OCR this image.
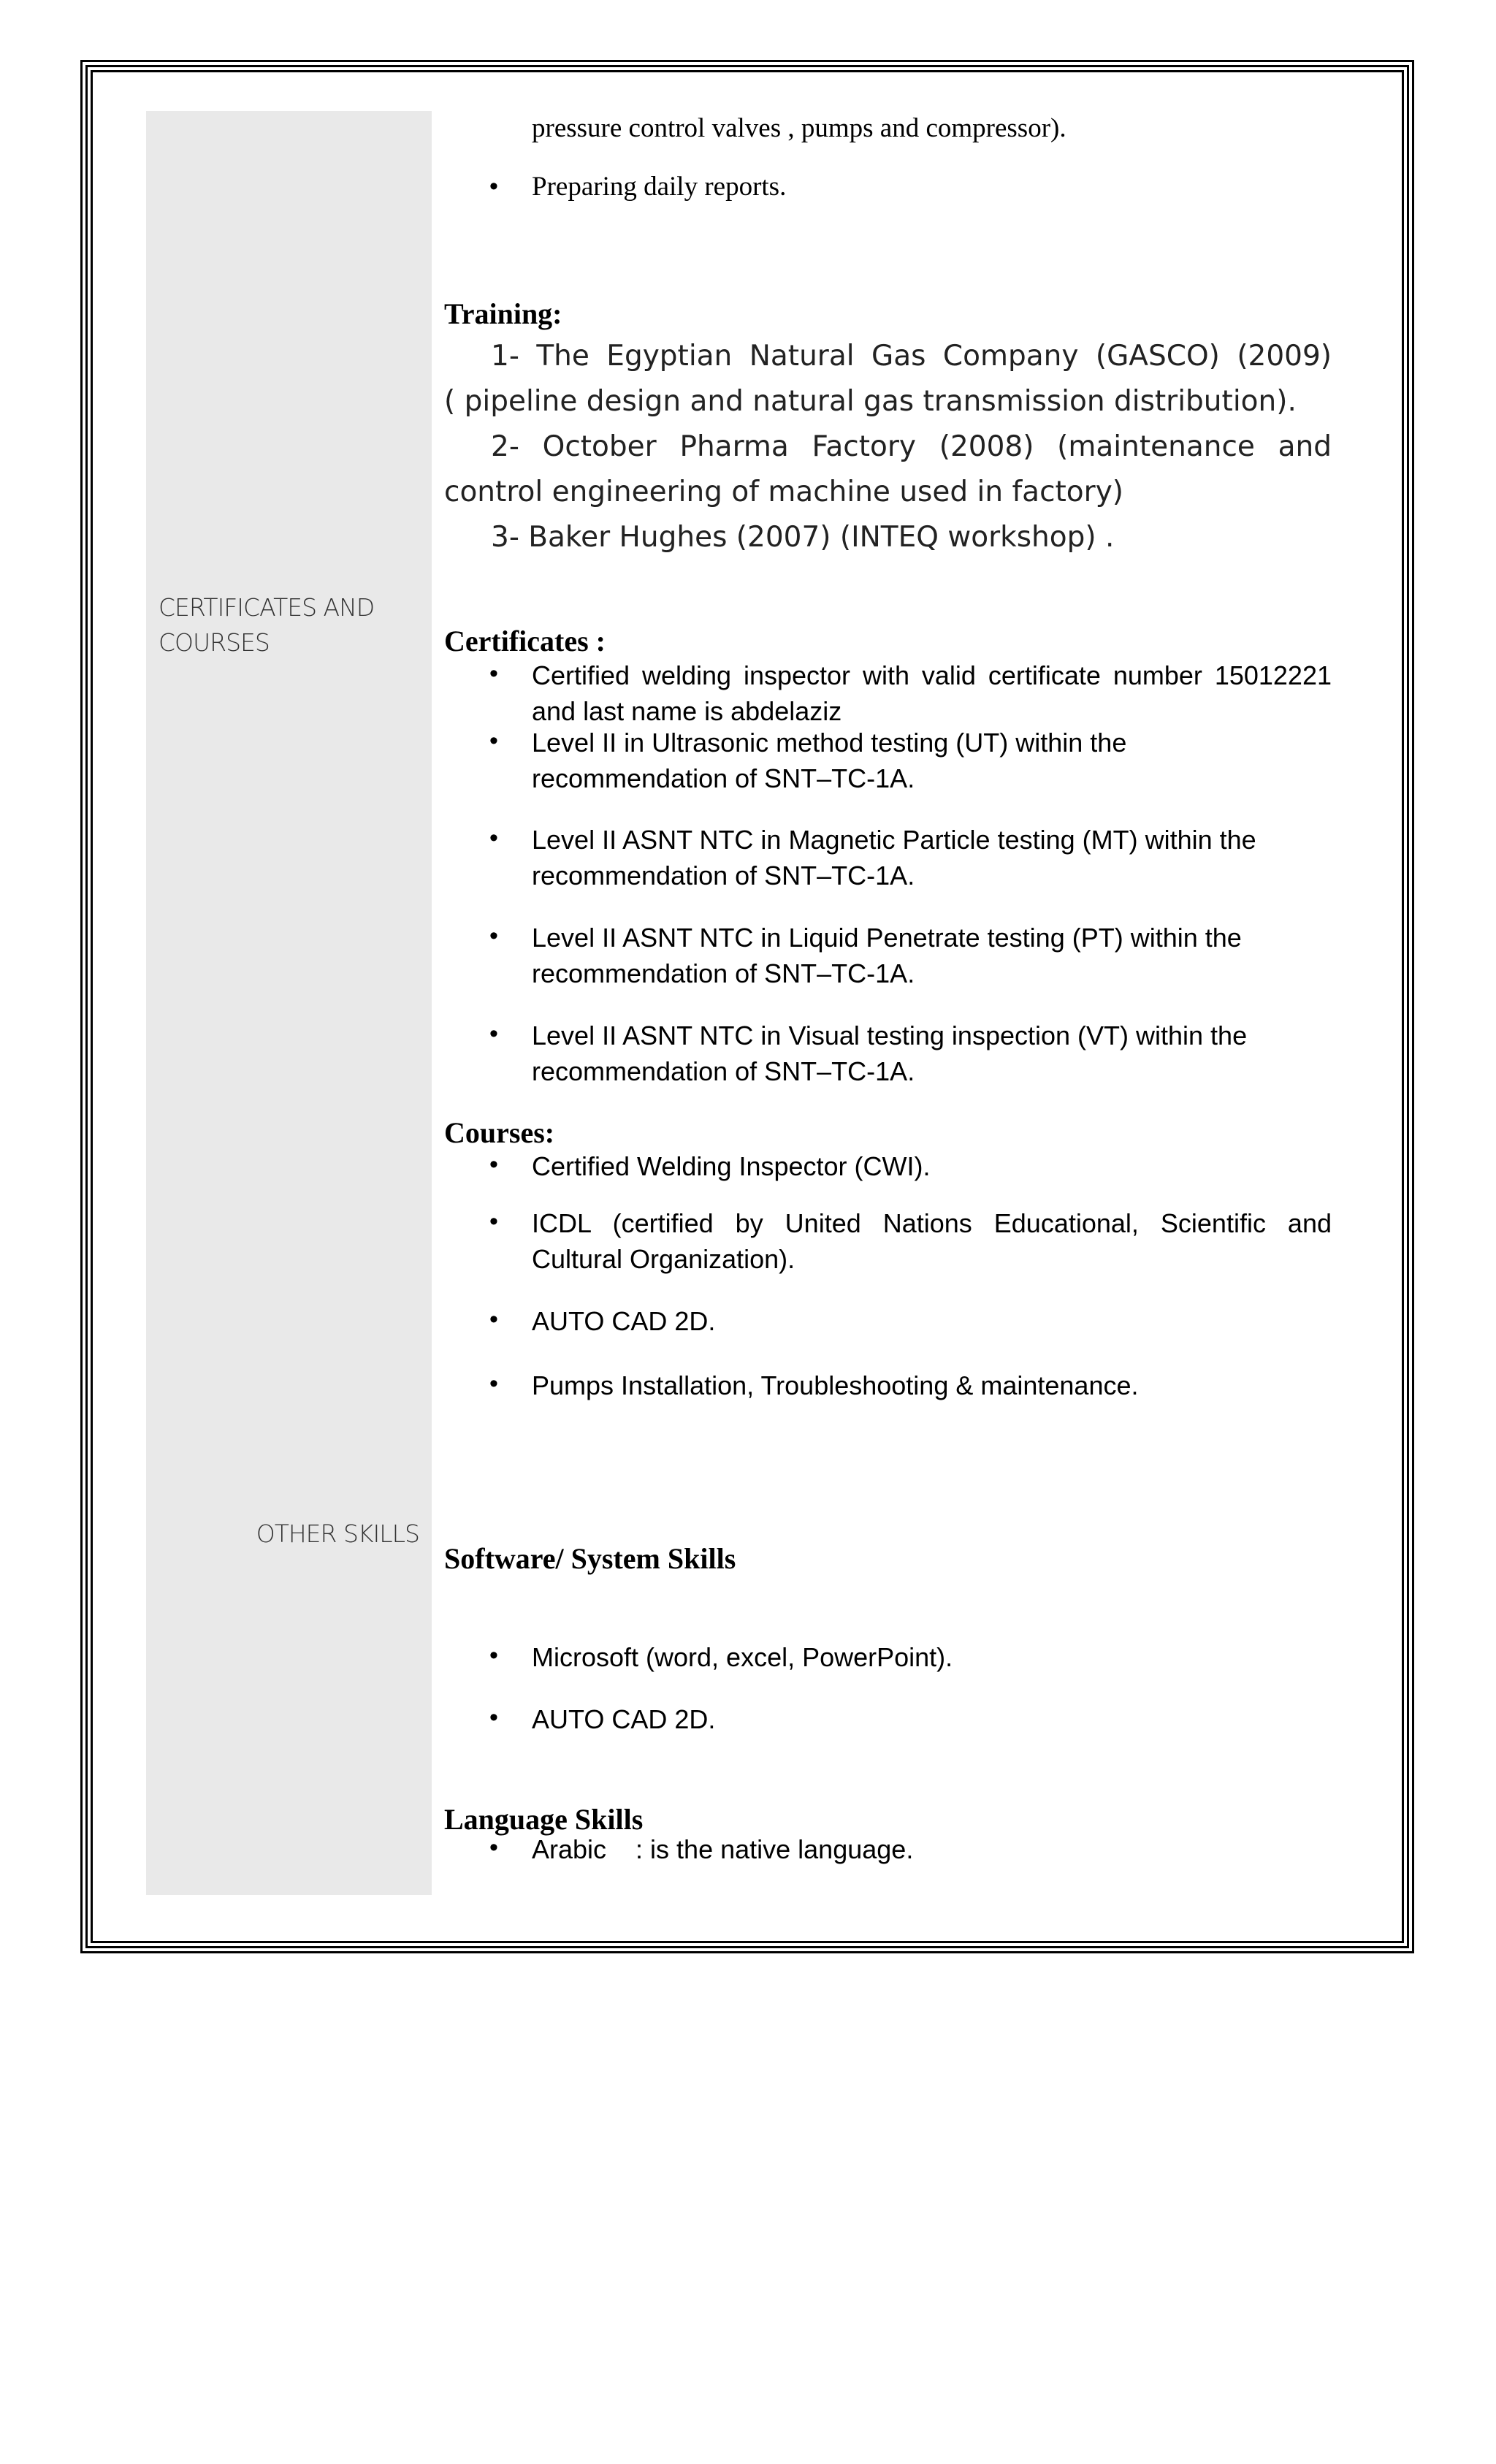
CERTIFICATES AND COURSES
OTHER SKILLS
pressure control valves , pumps and compressor).
• Preparing daily reports.
Training:
1- The Egyptian Natural Gas Company (GASCO) (2009)
( pipeline design and natural gas transmission distribution).
2- October Pharma Factory (2008) (maintenance and
control engineering of machine used in factory)
3- Baker Hughes (2007) (INTEQ workshop) .
Certificates :
• Certified welding inspector with valid certificate number 15012221
and last name is abdelaziz
• Level II in Ultrasonic method testing (UT) within the
recommendation of SNT–TC-1A.
• Level II ASNT NTC in Magnetic Particle testing (MT) within the
recommendation of SNT–TC-1A.
• Level II ASNT NTC in Liquid Penetrate testing (PT) within the
recommendation of SNT–TC-1A.
• Level II ASNT NTC in Visual testing inspection (VT) within the
recommendation of SNT–TC-1A.
Courses:
• Certified Welding Inspector (CWI).
• ICDL (certified by United Nations Educational, Scientific and
Cultural Organization).
• AUTO CAD 2D.
• Pumps Installation, Troubleshooting & maintenance.
Software/ System Skills
• Microsoft (word, excel, PowerPoint).
• AUTO CAD 2D.
Language Skills
• Arabic    : is the native language.
